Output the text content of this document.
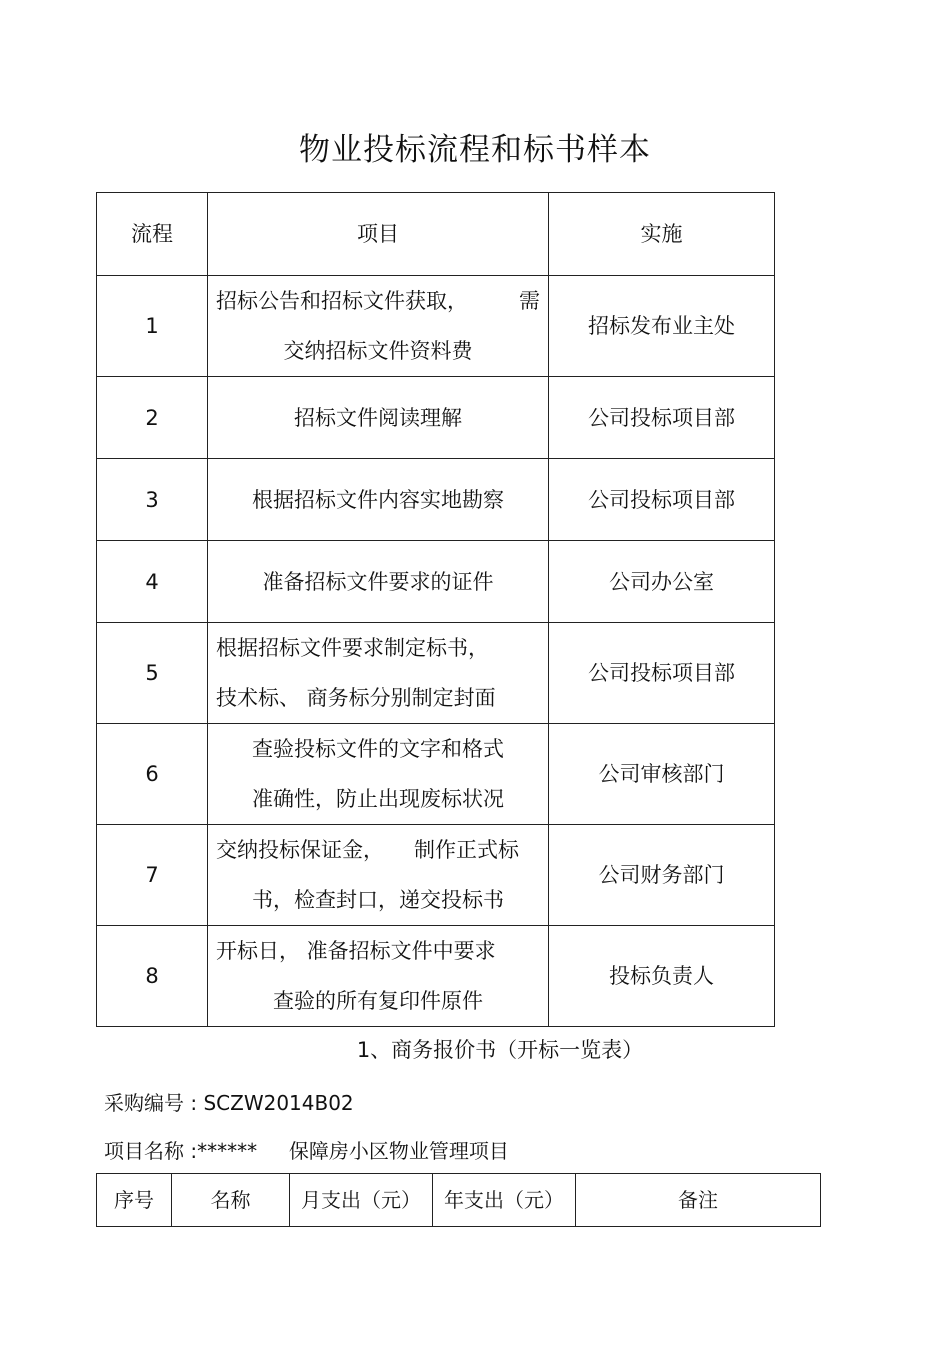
物业投标流程和标书样本
流程	项目	实施
1	招标公告和招标文件获取， 需
交纳招标文件资料费	招标发布业主处
2	招标文件阅读理解	公司投标项目部
3	根据招标文件内容实地勘察	公司投标项目部
4	准备招标文件要求的证件	公司办公室
5	根据招标文件要求制定标书，
技术标、 商务标分别制定封面	公司投标项目部
6	查验投标文件的文字和格式
准确性，防止出现废标状况	公司审核部门
7	交纳投标保证金， 制作正式标
书，检查封口，递交投标书	公司财务部门
8	开标日， 准备招标文件中要求
查验的所有复印件原件	投标负责人
1、商务报价书（开标一览表）
采购编号 : SCZW2014B02
项目名称 :******     保障房小区物业管理项目
序号	名称	月支出（元）	年支出（元）	备注
